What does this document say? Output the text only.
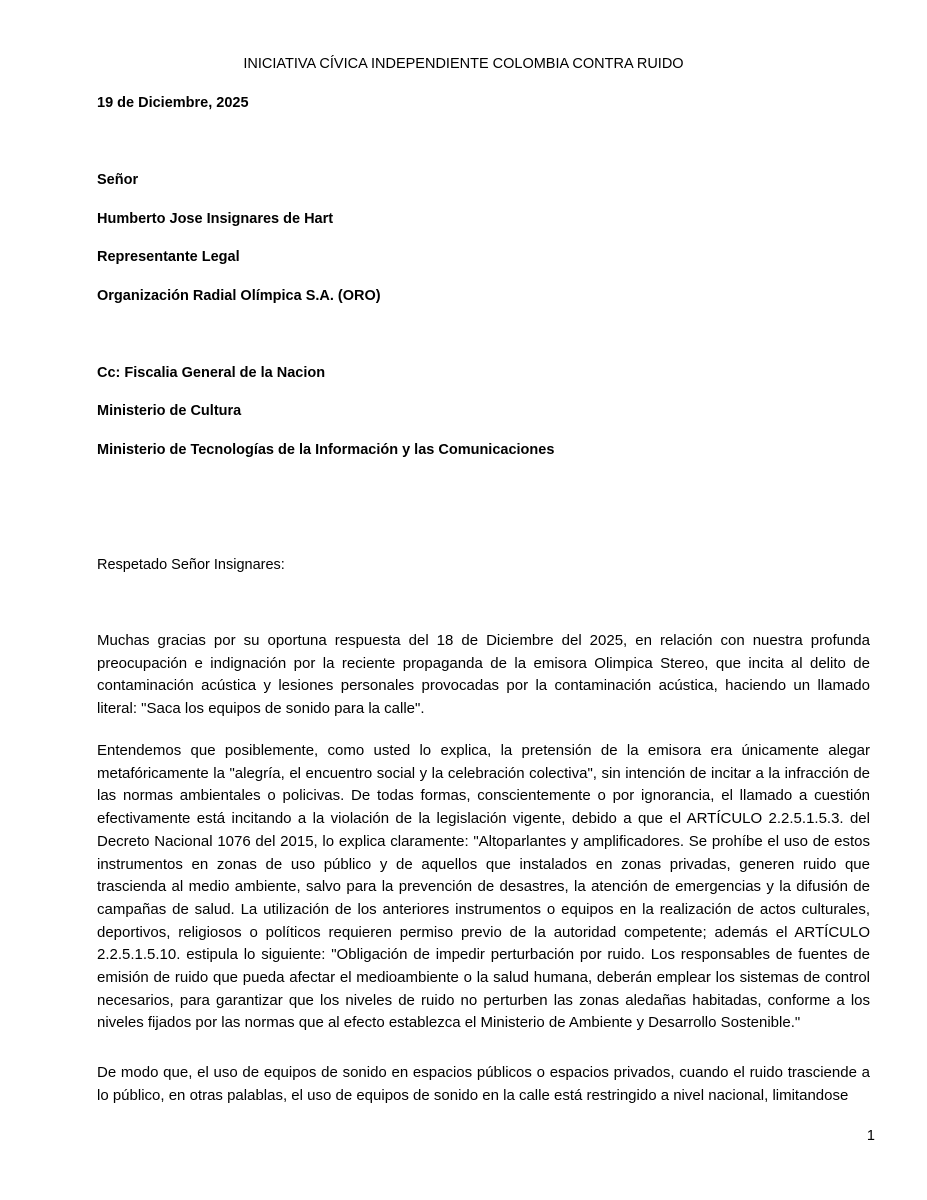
INICIATIVA CÍVICA INDEPENDIENTE COLOMBIA CONTRA RUIDO
19 de Diciembre, 2025
Señor
Humberto Jose Insignares de Hart
Representante Legal
Organización Radial Olímpica S.A. (ORO)
Cc: Fiscalia General de la Nacion
Ministerio de Cultura
Ministerio de Tecnologías de la Información y las Comunicaciones
Respetado Señor Insignares:

Muchas gracias por su oportuna respuesta del 18 de Diciembre del 2025, en relación con nuestra profunda preocupación e indignación por la reciente propaganda de la emisora Olimpica Stereo, que incita al delito de contaminación acústica y lesiones personales provocadas por la contaminación acústica, haciendo un llamado literal: "Saca los equipos de sonido para la calle".

Entendemos que posiblemente, como usted lo explica, la pretensión de la emisora era únicamente alegar metafóricamente la "alegría, el encuentro social y la celebración colectiva", sin intención de incitar a la infracción de las normas ambientales o policivas. De todas formas, conscientemente o por ignorancia, el llamado a cuestión efectivamente está incitando a la violación de la legislación vigente, debido a que el ARTÍCULO 2.2.5.1.5.3. del Decreto Nacional 1076 del 2015, lo explica claramente: "Altoparlantes y amplificadores. Se prohíbe el uso de estos instrumentos en zonas de uso público y de aquellos que instalados en zonas privadas, generen ruido que trascienda al medio ambiente, salvo para la prevención de desastres, la atención de emergencias y la difusión de campañas de salud. La utilización de los anteriores instrumentos o equipos en la realización de actos culturales, deportivos, religiosos o políticos requieren permiso previo de la autoridad competente; además el ARTÍCULO 2.2.5.1.5.10. estipula lo siguiente: "Obligación de impedir perturbación por ruido. Los responsables de fuentes de emisión de ruido que pueda afectar el medioambiente o la salud humana, deberán emplear los sistemas de control necesarios, para garantizar que los niveles de ruido no perturben las zonas aledañas habitadas, conforme a los niveles fijados por las normas que al efecto establezca el Ministerio de Ambiente y Desarrollo Sostenible."

De modo que, el uso de equipos de sonido en espacios públicos o espacios privados, cuando el ruido trasciende a lo público, en otras palablas, el uso de equipos de sonido en la calle está restringido a nivel nacional, limitandose

1
